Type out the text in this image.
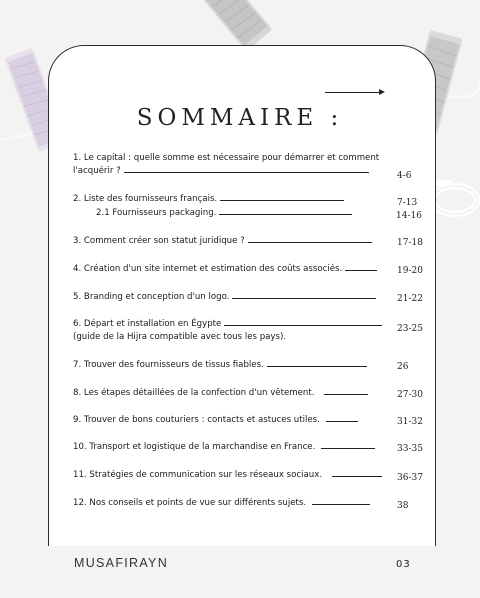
SOMMAIRE :
1. Le capital : quelle somme est nécessaire pour démarrer et comment
l'acquérir ?
4-6
2. Liste des fournisseurs français.	7-13
2.1 Fournisseurs packaging.	14-16
3. Comment créer son statut juridique ?	17-18
4. Création d'un site internet et estimation des coûts associés.	19-20
5. Branding et conception d'un logo.	21-22
6. Départ et installation en Égypte
(guide de la Hijra compatible avec tous les pays).
23-25
7. Trouver des fournisseurs de tissus fiables.	26
8. Les étapes détaillées de la confection d'un vêtement.	27-30
9. Trouver de bons couturiers : contacts et astuces utiles.	31-32
10. Transport et logistique de la marchandise en France.	33-35
11. Stratégies de communication sur les réseaux sociaux.	36-37
12. Nos conseils et points de vue sur différents sujets.	38
MUSAFIRAYN	03
